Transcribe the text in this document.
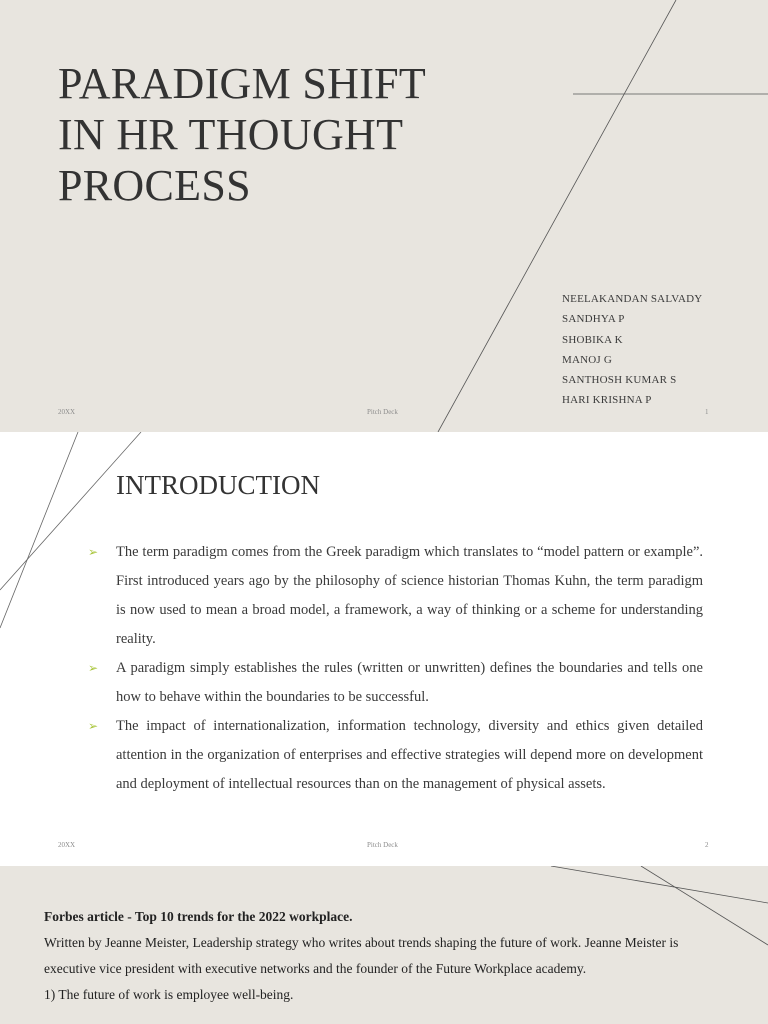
PARADIGM SHIFT
IN HR THOUGHT
PROCESS
NEELAKANDAN SALVADY
SANDHYA P
SHOBIKA K
MANOJ G
SANTHOSH KUMAR S
HARI KRISHNA P
20XX	Pitch Deck	1
INTRODUCTION
➢ The term paradigm comes from the Greek paradigm which translates to “model pattern or example”. First introduced years ago by the philosophy of science historian Thomas Kuhn, the term paradigm is now used to mean a broad model, a framework, a way of thinking or a scheme for understanding reality.
➢ A paradigm simply establishes the rules (written or unwritten) defines the boundaries and tells one how to behave within the boundaries to be successful.
➢ The impact of internationalization, information technology, diversity and ethics given detailed attention in the organization of enterprises and effective strategies will depend more on development and deployment of intellectual resources than on the management of physical assets.
20XX	Pitch Deck	2

Forbes article - Top 10 trends for the 2022 workplace.

Written by Jeanne Meister, Leadership strategy who writes about trends shaping the future of work. Jeanne Meister is executive vice president with executive networks and the founder of the Future Workplace academy.

1) The future of work is employee well-being.
